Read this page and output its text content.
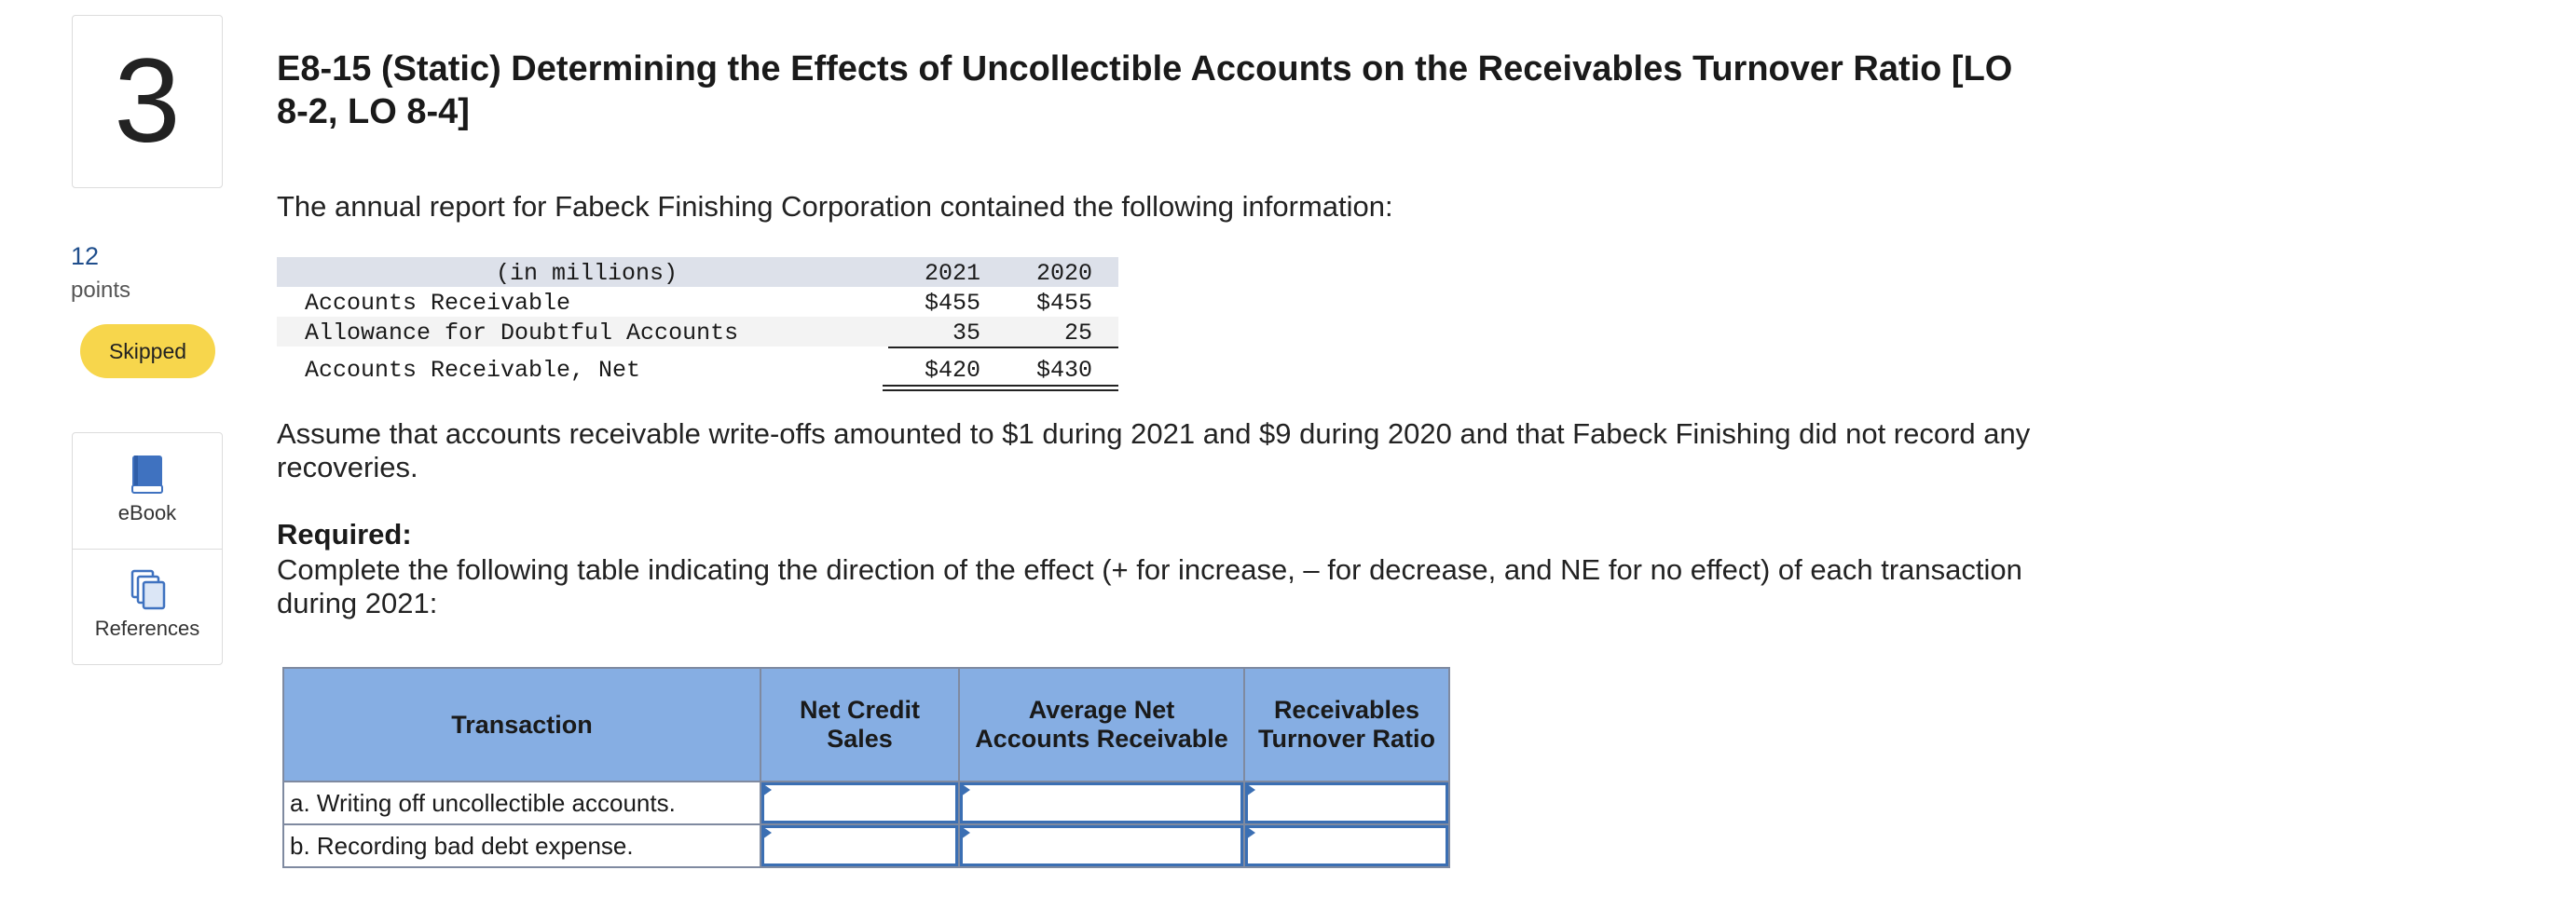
3
12
points
Skipped
eBook
References
E8-15 (Static) Determining the Effects of Uncollectible Accounts on the Receivables Turnover Ratio [LO 8-2, LO 8-4]
The annual report for Fabeck Finishing Corporation contained the following information:
(in millions)	2021	2020
Accounts Receivable	$455	$455
Allowance for Doubtful Accounts	35	25
Accounts Receivable, Net	$420	$430
Assume that accounts receivable write-offs amounted to $1 during 2021 and $9 during 2020 and that Fabeck Finishing did not record any recoveries.
Required:
Complete the following table indicating the direction of the effect (+ for increase, – for decrease, and NE for no effect) of each transaction during 2021:
Transaction	Net Credit Sales	Average Net Accounts Receivable	Receivables Turnover Ratio
a. Writing off uncollectible accounts.	

b. Recording bad debt expense.	
